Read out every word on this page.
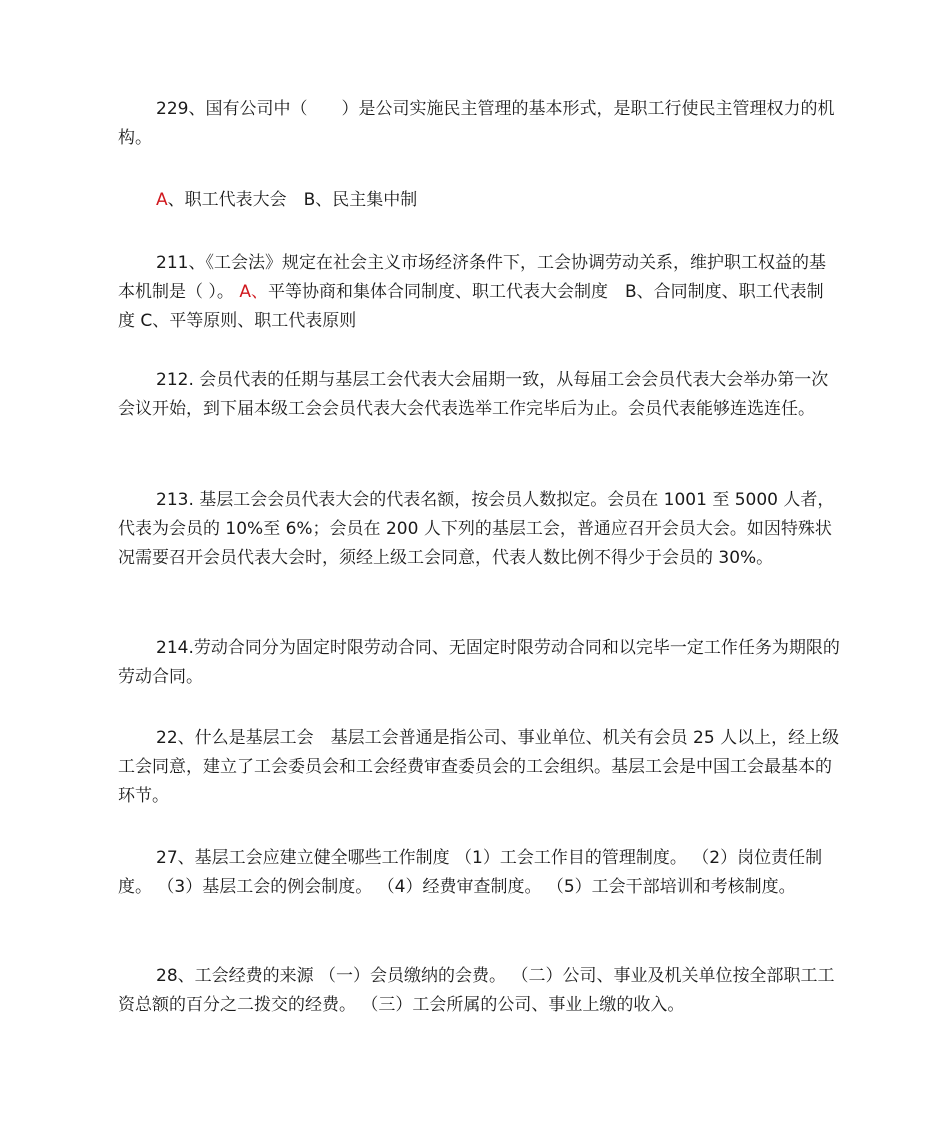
229、国有公司中（　　）是公司实施民主管理的基本形式，是职工行使民主管理权力的机构。

A、职工代表大会　B、民主集中制

211、《工会法》规定在社会主义市场经济条件下，工会协调劳动关系，维护职工权益的基本机制是（ ）。 A、平等协商和集体合同制度、职工代表大会制度　B、合同制度、职工代表制度 C、平等原则、职工代表原则

212. 会员代表的任期与基层工会代表大会届期一致，从每届工会会员代表大会举办第一次会议开始，到下届本级工会会员代表大会代表选举工作完毕后为止。会员代表能够连选连任。

213. 基层工会会员代表大会的代表名额，按会员人数拟定。会员在 1001 至 5000 人者，代表为会员的 10%至 6%；会员在 200 人下列的基层工会，普通应召开会员大会。如因特殊状况需要召开会员代表大会时，须经上级工会同意，代表人数比例不得少于会员的 30%。

214.劳动合同分为固定时限劳动合同、无固定时限劳动合同和以完毕一定工作任务为期限的劳动合同。

22、什么是基层工会　基层工会普通是指公司、事业单位、机关有会员 25 人以上，经上级工会同意，建立了工会委员会和工会经费审查委员会的工会组织。基层工会是中国工会最基本的环节。

27、基层工会应建立健全哪些工作制度 （1）工会工作目的管理制度。 （2）岗位责任制度。 （3）基层工会的例会制度。 （4）经费审查制度。 （5）工会干部培训和考核制度。

28、工会经费的来源 （一）会员缴纳的会费。 （二）公司、事业及机关单位按全部职工工资总额的百分之二拨交的经费。 （三）工会所属的公司、事业上缴的收入。
